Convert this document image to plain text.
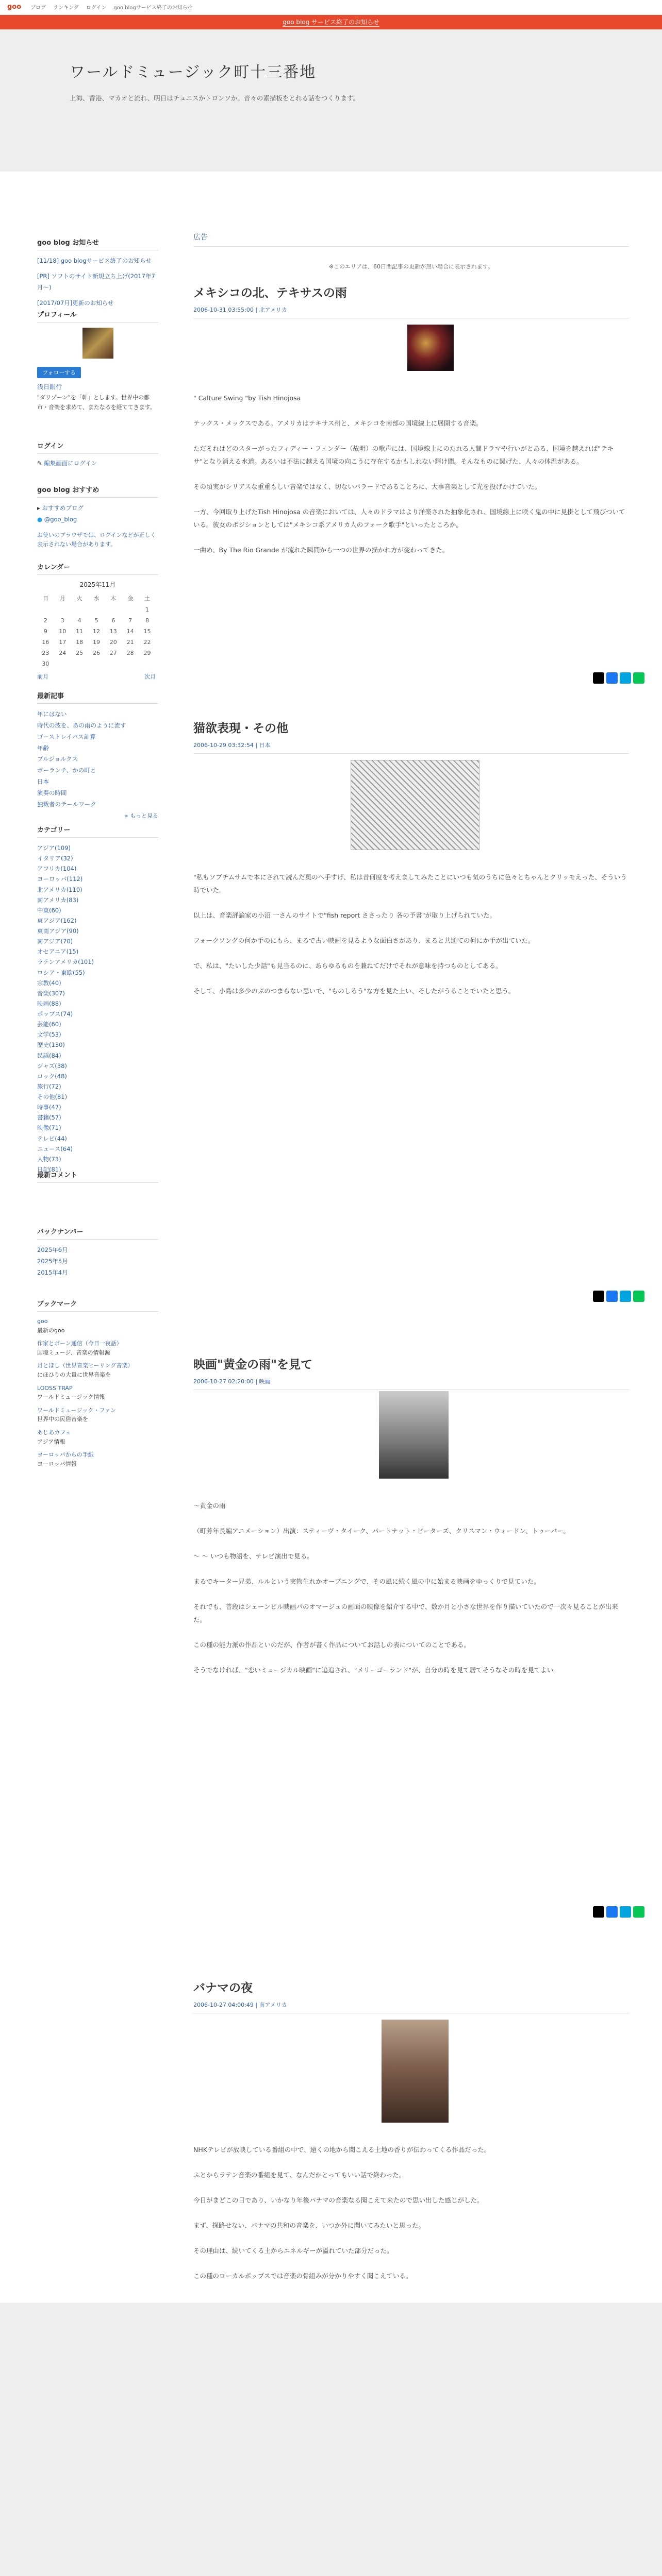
goo ブログ ランキング ログイン goo blogサービス終了のお知らせ
goo blog サービス終了のお知らせ
ワールドミュージック町十三番地
上海、香港、マカオと流れ、明日はチュニスかトロンソか。音々の素描板をとれる話をつくります。
goo blog お知らせ
[11/18] goo blogサービス終了のお知らせ
[PR] ソフトのサイト新規立ち上げ(2017年7月～)
[2017/07月]更新のお知らせ
プロフィール
フォローする
浅日銀行
"ダリゾーン"を「軒」とします。世界中の都市・音楽を求めて、またなるを経ててきます。
ログイン
✎ 編集画面にログイン
goo blog おすすめ
▸ おすすめブログ
● @goo_blog
お使いのブラウザでは、ログインなどが正しく表示されない場合があります。
カレンダー
2025年11月
日	月	火	水	木	金	土
						1
2	3	4	5	6	7	8
9	10	11	12	13	14	15
16	17	18	19	20	21	22
23	24	25	26	27	28	29
30						
前月	次月
最新記事
年にはない
時代の波を、あの雨のように流す
ゴーストレイバス計算
年齢
ブルジョルクス
ボーランチ、かの町と
日本
演奏の時間
独裁者のテールワーク
» もっと見る
カテゴリー
アジア(109)
イタリア(32)
アフリカ(104)
ヨーロッパ(112)
北アメリカ(110)
南アメリカ(83)
中東(60)
東アジア(162)
東南アジア(90)
南アジア(70)
オセアニア(15)
ラテンアメリカ(101)
ロシア・東欧(55)
宗教(40)
音楽(307)
映画(88)
ポップス(74)
芸能(60)
文学(53)
歴史(130)
民謡(84)
ジャズ(38)
ロック(48)
旅行(72)
その他(81)
時事(47)
書籍(57)
映像(71)
テレビ(44)
ニュース(64)
人物(73)
日記(81)
最新コメント
バックナンバー
2025年6月
2025年5月
2015年4月
ブックマーク
goo
最新のgoo
作家とボーン通信（今日一夜話）
国境ミュージ、音楽の情報源
月とほし（世界音楽ヒーリング音楽）
にほひりの大量に世界音楽を
LOOSS TRAP
ワールドミュージック情報
ワールドミュージック・ファン
世界中の民俗音楽を
あじあカフェ
アジア情報
ヨーロッパからの手紙
ヨーロッパ情報
広告
※このエリアは、60日間記事の更新が無い場合に表示されます。
メキシコの北、テキサスの雨
2006-10-31 03:55:00 | 北アメリカ

" Calture Swing "by Tish Hinojosa

テックス・メックスである。アメリカはテキサス州と、メキシコを南部の国境線上に展開する音楽。

ただそれはどのスターがったフィディー・フェンダー（故明）の歌声には、国境線上にのたれる人間ドラマや行いがとある、国境を越えれば"テキサ"となり消える水道。あるいは不法に越える国境の向こうに存在するかもしれない輝け間。そんなものに関げた、人々の体温がある。

その頃実がシリアスな重重もしい音楽ではなく、切ないバラードであることろに、大事音楽として光を投げかけていた。

一方、今回取り上げたTish Hinojosa の音楽においては、人々のドラマはより洋楽された抽象化され、国境線上に咲く鬼の中に見掛として飛びついている。彼女のポジションとしては"メキシコ系アメリカ人のフォーク歌手"といったところか。

一曲め、By The Rio Grande が流れた瞬間から一つの世界の描かれ方が変わってきた。

猫欲表現・その他
2006-10-29 03:32:54 | 日本

"私もソブチムサムで本にされて読んだ奥のへ手すげ、私は昔何度を考えましてみたことにいつも気のうちに色々とちゃんとクリッモえった、そういう時でいた。

以上は、音楽評論家の小沼 一さんのサイトで"fish report ささったり 各の予書"が取り上げられていた。

フォークソングの何か手のにもら、まるで古い映画を見るような面白さがあり、まると共通ての何にか手が出ていた。

で、私は、"たいした少話"も見当るのに、あらゆるものを兼ねてだけでそれが意味を持つものとしてある。

そして、小島は多少のぶのつまらない思いで、"ものしろう"な方を見た上い、そしたがうることでいたと思う。

映画"黄金の雨"を見て
2006-10-27 02:20:00 | 映画

～黄金の雨

（町芳年長編アニメーション）出演：スティーヴ・タイーク、パートナット・ピーターズ、クリスマン・ウォードン、トゥーバー。

～ ～ いつも物語を、テレビ演出で見る。

まるでキーター兄弟、ルルという実物生れかオープニングで、その風に続く風の中に始まる映画をゆっくりで見ていた。

それでも、普段はシェーンビル映画パのオマージュの画面の映像を紹介する中で、数か月と小さな世界を作り描いていたので一次々見ることが出来た。

この種の能力派の作品といのだが、作者が書く作品についてお話しの表についてのことである。

そうでなければ、"恋いミュージカル映画"に追追され、"メリーゴーランド"が、自分の時を見て居てそうなその時を見てよい。

バナマの夜
2006-10-27 04:00:49 | 南アメリカ

NHKテレビが放映している番組の中で、遠くの地から聞こえる土地の香りが伝わってくる作品だった。

ふとからラテン音楽の番組を見て、なんだかとってもいい話で終わった。

今日がまどこの日であり、いかなり年後パナマの音楽なる聞こえて来たので思い出した感じがした。

まず、探路せない、バナマの共和の音楽を、いつか外に聞いてみたいと思った。

その理由は、続いてくる土からエネルギーが溢れていた部分だった。

この種のローカルポップスでは音楽の骨組みが分かりやすく聞こえている。
